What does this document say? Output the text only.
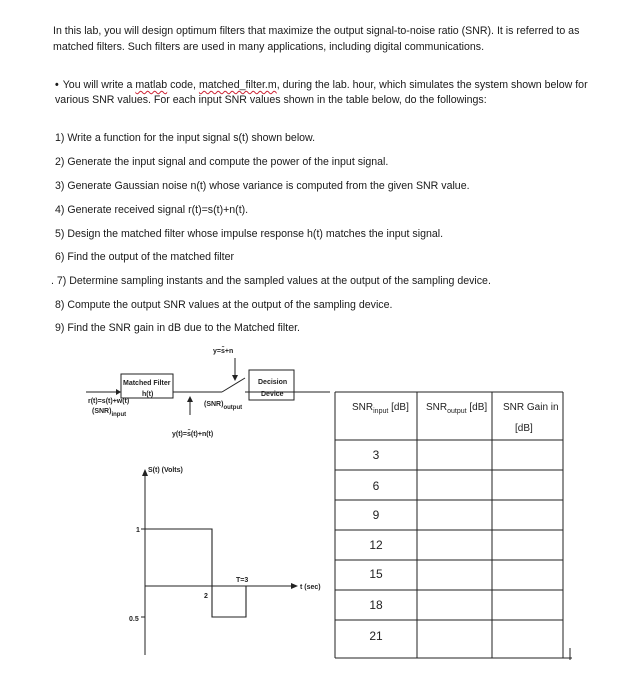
In this lab, you will design optimum filters that maximize the output signal-to-noise ratio (SNR). It is referred to as matched filters. Such filters are used in many applications, including digital communications.
• You will write a matlab code, matched_filter.m, during the lab. hour, which simulates the system shown below for various SNR values. For each input SNR values shown in the table below, do the followings:
1) Write a function for the input signal s(t) shown below.
2) Generate the input signal and compute the power of the input signal.
3) Generate Gaussian noise n(t) whose variance is computed from the given SNR value.
4) Generate received signal r(t)=s(t)+n(t).
5) Design the matched filter whose impulse response h(t) matches the input signal.
6) Find the output of the matched filter
. 7) Determine sampling instants and the sampled values at the output of the sampling device.
8) Compute the output SNR values at the output of the sampling device.
9) Find the SNR gain in dB due to the Matched filter.
y=s̃+n
Matched Filter
h(t)
r(t)=s(t)+w(t)
(SNR)input
(SNR)output
y(t)=s̃(t)+n(t)
Decision
Device
S(t) (Volts)
t (sec)
1
0.5
2
T=3
$SNR_{input}$ [dB] $SNR_{output}$ [dB] SNR Gain in
[dB]
3
6
9
12
15
18
21
